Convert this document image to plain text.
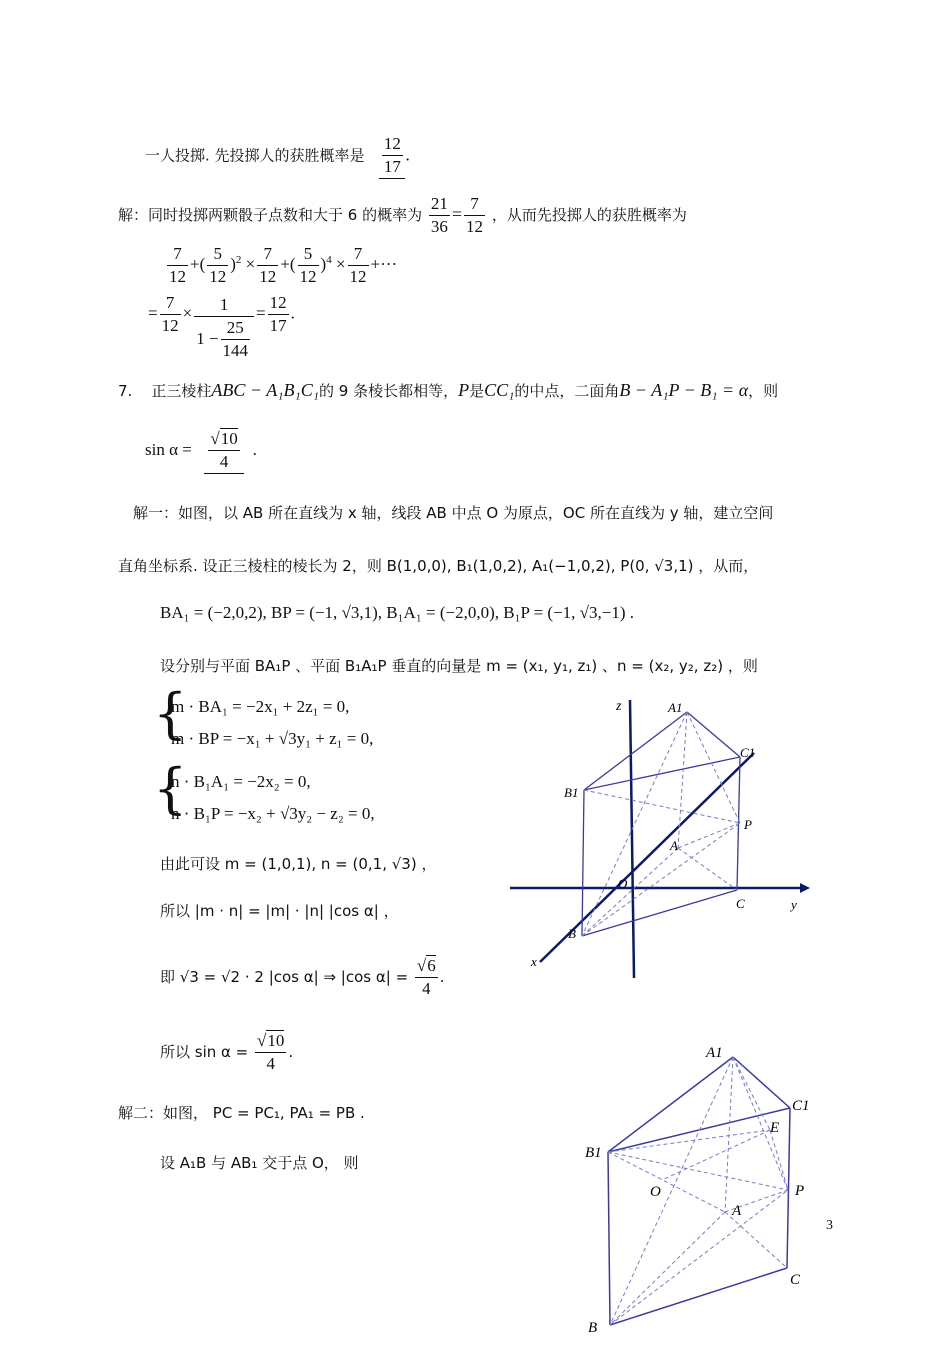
一人投掷. 先投掷人的获胜概率是 $\frac{12}{17}$ .
解：同时投掷两颗骰子点数和大于 6 的概率为 $\frac{21}{36} = \frac{7}{12}$ ，从而先投掷人的获胜概率为
$\frac{7}{12}$ +( $\frac{5}{12} )^2 \times \frac{7}{12}$ +( $\frac{5}{12} )^4 \times \frac{7}{12}$ +···
= $\frac{7}{12} \times \frac{1}{1 - \frac{25}{144}} = \frac{12}{17}$ .
7. 正三棱柱ABC − A₁B₁C₁的 9 条棱长都相等，P是CC₁的中点，二面角B − A₁P − B₁ = α，则
$\sin \alpha = \frac{√10}{4}$ .
解一：如图，以 AB 所在直线为 x 轴，线段 AB 中点 O 为原点，OC 所在直线为 y 轴，建立空间
直角坐标系. 设正三棱柱的棱长为 2，则 B(1,0,0), B₁(1,0,2), A₁(−1,0,2), P(0, √3,1) ，从而，
BA₁ = (−2,0,2), BP = (−1, √3,1), B₁A₁ = (−2,0,0), B₁P = (−1, √3,−1) .
设分别与平面 BA₁P 、平面 B₁A₁P 垂直的向量是 m = (x₁, y₁, z₁) 、n = (x₂, y₂, z₂) ，则
{
m · BA₁ = −2x₁ + 2z₁ = 0,
m · BP = −x₁ + √3y₁ + z₁ = 0,
{
n · B₁A₁ = −2x₂ = 0,
n · B₁P = −x₂ + √3y₂ − z₂ = 0,
由此可设 m = (1,0,1), n = (0,1, √3) ，
所以 |m · n| = |m| · |n| |cos α| ，
即 √3 = √2 · 2 |cos α| ⇒ |cos $\alpha| = \frac{√6}{4}$ .
所以 $\sin \alpha = \frac{√10}{4}$ .
解二：如图， PC = PC₁, PA₁ = PB .
设 A₁B 与 AB₁ 交于点 O， 则
z	A1
C1
B1
P
A
O
C	y
B
x
A1
C1
E
B1
P
O
A
C
B
3
